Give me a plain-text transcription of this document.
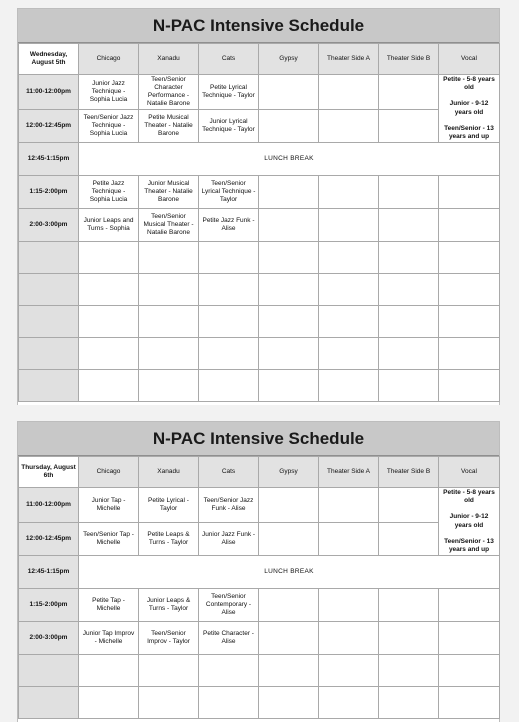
N-PAC Intensive Schedule
Wednesday, August 5th	Chicago	Xanadu	Cats	Gypsy	Theater Side A	Theater Side B	Vocal
11:00-12:00pm	Junior Jazz Technique - Sophia Lucia	Teen/Senior Character Performance - Natalie Barone	Petite Lyrical Technique - Taylor				Petite - 5-8 years old
Junior - 9-12 years old
Teen/Senior - 13 years and up

12:00-12:45pm	Teen/Senior Jazz Technique - Sophia Lucia	Petite Musical Theater - Natalie Barone	Junior Lyrical Technique - Taylor				
12:45-1:15pm	LUNCH BREAK						
1:15-2:00pm	Petite Jazz Technique - Sophia Lucia	Junior Musical Theater - Natalie Barone	Teen/Senior Lyrical Technique - Taylor				
2:00-3:00pm	Junior Leaps and Turns - Sophia	Teen/Senior Musical Theater - Natalie Barone	Petite Jazz Funk - Alise				

N-PAC Intensive Schedule
Thursday, August 6th	Chicago	Xanadu	Cats	Gypsy	Theater Side A	Theater Side B	Vocal
11:00-12:00pm	Junior Tap - Michelle	Petite Lyrical - Taylor	Teen/Senior Jazz Funk - Alise				Petite - 5-8 years old
Junior - 9-12 years old
Teen/Senior - 13 years and up

12:00-12:45pm	Teen/Senior Tap - Michelle	Petite Leaps & Turns - Taylor	Junior Jazz Funk - Alise				
12:45-1:15pm	LUNCH BREAK						
1:15-2:00pm	Petite Tap - Michelle	Junior Leaps & Turns - Taylor	Teen/Senior Contemporary - Alise				
2:00-3:00pm	Junior Tap Improv - Michelle	Teen/Senior Improv - Taylor	Petite Character - Alise				
